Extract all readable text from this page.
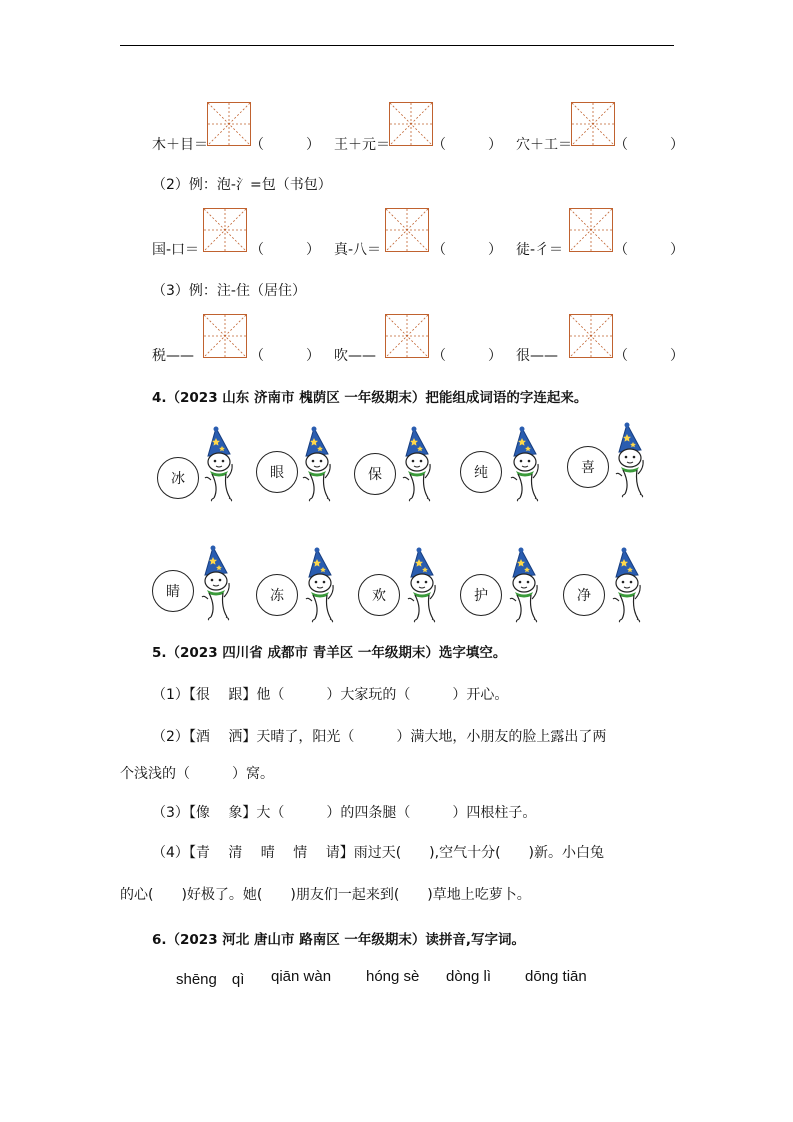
木＋目＝	（　　　） 王＋元＝	（　　　） 穴＋工＝	（　　　）
（2）例：泡-氵=包（书包）
国-口＝	（　　　） 真-八＝	（　　　） 徒-彳＝	（　　　）
（3）例：注-住（居住）
税——	（　　　） 吹——	（　　　） 很——	（　　　）
4.（2023 山东 济南市 槐荫区 一年级期末）把能组成词语的字连起来。
冰	眼	保	纯	喜
睛	冻	欢	护	净
5.（2023 四川省 成都市 青羊区 一年级期末）选字填空。
（1）【很　 跟】他（　　　）大家玩的（　　　）开心。
（2）【酒　 洒】天晴了，阳光（　　　）满大地，小朋友的脸上露出了两
个浅浅的（　　　）窝。
（3）【像　 象】大（　　　）的四条腿（　　　）四根柱子。
（4）【青　 清　 晴　 情　 请】雨过天(　　),空气十分(　　)新。小白兔
的心(　　)好极了。她(　　)朋友们一起来到(　　)草地上吃萝卜。
6.（2023 河北 唐山市 路南区 一年级期末）读拼音,写字词。
shēng　qì qiān wàn hóng sè dòng lì dōng tiān
